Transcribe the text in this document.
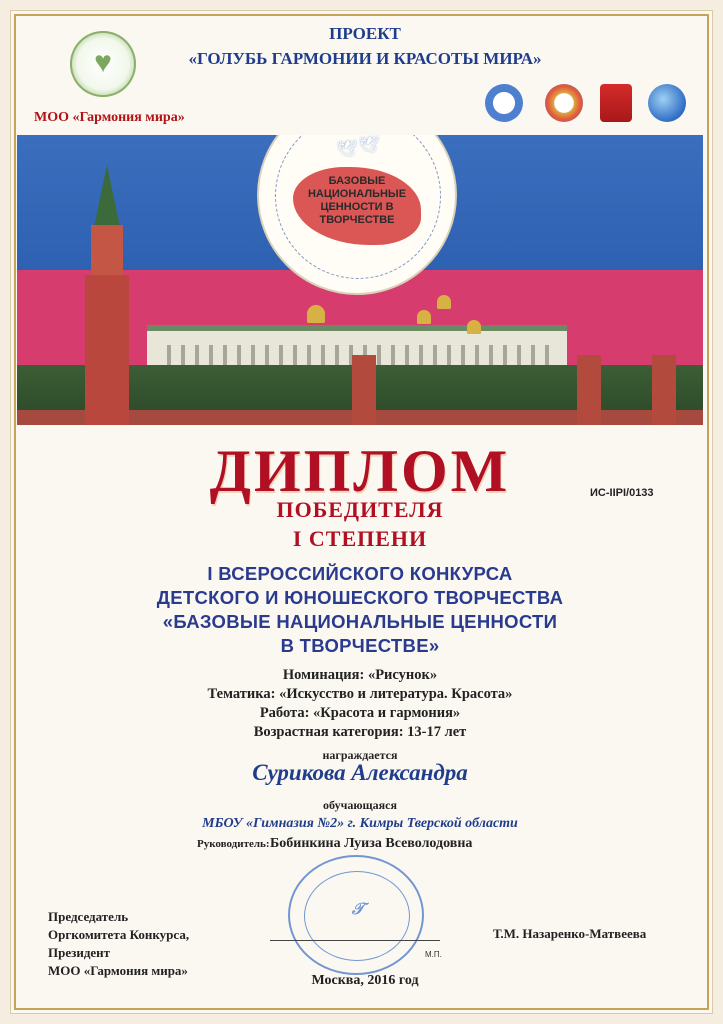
♥
ПРОЕКТ
«ГОЛУБЬ ГАРМОНИИ И КРАСОТЫ МИРА»
МОО «Гармония мира»
БАЗОВЫЕ НАЦИОНАЛЬНЫЕ ЦЕННОСТИ В ТВОРЧЕСТВЕ
🕊 🕊
ДИПЛОМ
ПОБЕДИТЕЛЯ
I СТЕПЕНИ
ИС-IIPI/0133
I ВСЕРОССИЙСКОГО КОНКУРСА
ДЕТСКОГО И ЮНОШЕСКОГО ТВОРЧЕСТВА
«БАЗОВЫЕ НАЦИОНАЛЬНЫЕ ЦЕННОСТИ
В ТВОРЧЕСТВЕ»
Номинация: «Рисунок»
Тематика: «Искусство и литература. Красота»
Работа: «Красота и гармония»
Возрастная категория: 13-17 лет
награждается
Сурикова Александра
обучающаяся
МБОУ «Гимназия №2» г. Кимры Тверской области
Руководитель: Бобинкина Луиза Всеволодовна
Председатель
Оргкомитета Конкурса,
Президент
МОО «Гармония мира»
𝒯
М.П.
Т.М. Назаренко-Матвеева
Москва, 2016 год
